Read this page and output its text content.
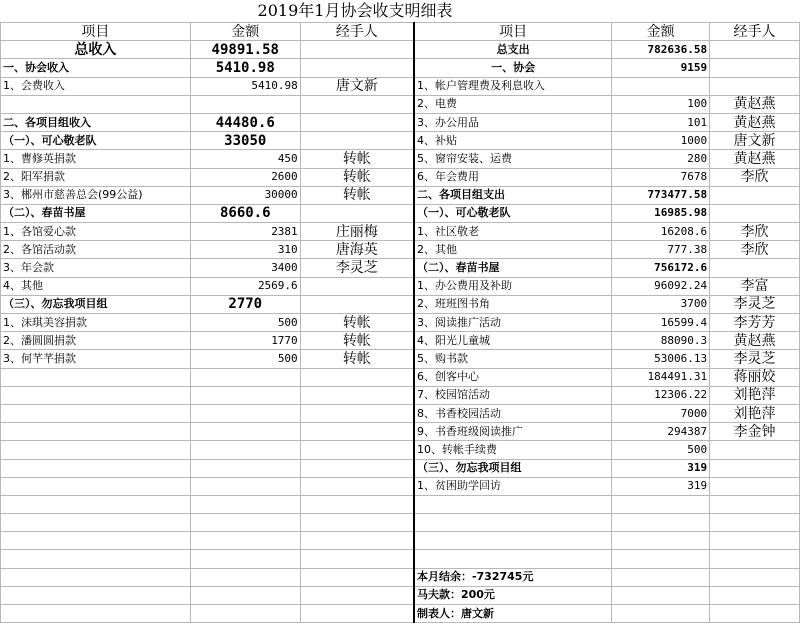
2019年1月协会收支明细表
项目	金额	经手人	项目	金额	经手人
总收入	49891.58		总支出	782636.58	
一、协会收入	5410.98		一、协会	9159	
1、会费收入	5410.98	唐文新	1、帐户管理费及利息收入		
			2、电费	100	黄赵燕
二、各项目组收入	44480.6		3、办公用品	101	黄赵燕
（一）、可心敬老队	33050		4、补贴	1000	唐文新
1、曹修英捐款	450	转帐	5、窗帘安装、运费	280	黄赵燕
2、阳军捐款	2600	转帐	6、年会费用	7678	李欣
3、郴州市慈善总会(99公益)	30000	转帐	二、各项目组支出	773477.58	
（二）、春苗书屋	8660.6		（一）、可心敬老队	16985.98	
1、各馆爱心款	2381	庄丽梅	1、社区敬老	16208.6	李欣
2、各馆活动款	310	唐海英	2、其他	777.38	李欣
3、年会款	3400	李灵芝	（二）、春苗书屋	756172.6	
4、其他	2569.6		1、办公费用及补助	96092.24	李富
（三）、勿忘我项目组	2770		2、班班图书角	3700	李灵芝
1、沫琪美容捐款	500	转帐	3、阅读推广活动	16599.4	李芳芳
2、潘圆圆捐款	1770	转帐	4、阳光儿童城	88090.3	黄赵燕
3、何芊芊捐款	500	转帐	5、购书款	53006.13	李灵芝
			6、创客中心	184491.31	蒋丽姣
			7、校园馆活动	12306.22	刘艳萍
			8、书香校园活动	7000	刘艳萍
			9、书香班级阅读推广	294387	李金钟
			10、转帐手续费	500	
			（三）、勿忘我项目组	319	
			1、贫困助学回访	319	

			本月结余：-732745元		
			马夫款：200元		
			制表人：唐文新		
